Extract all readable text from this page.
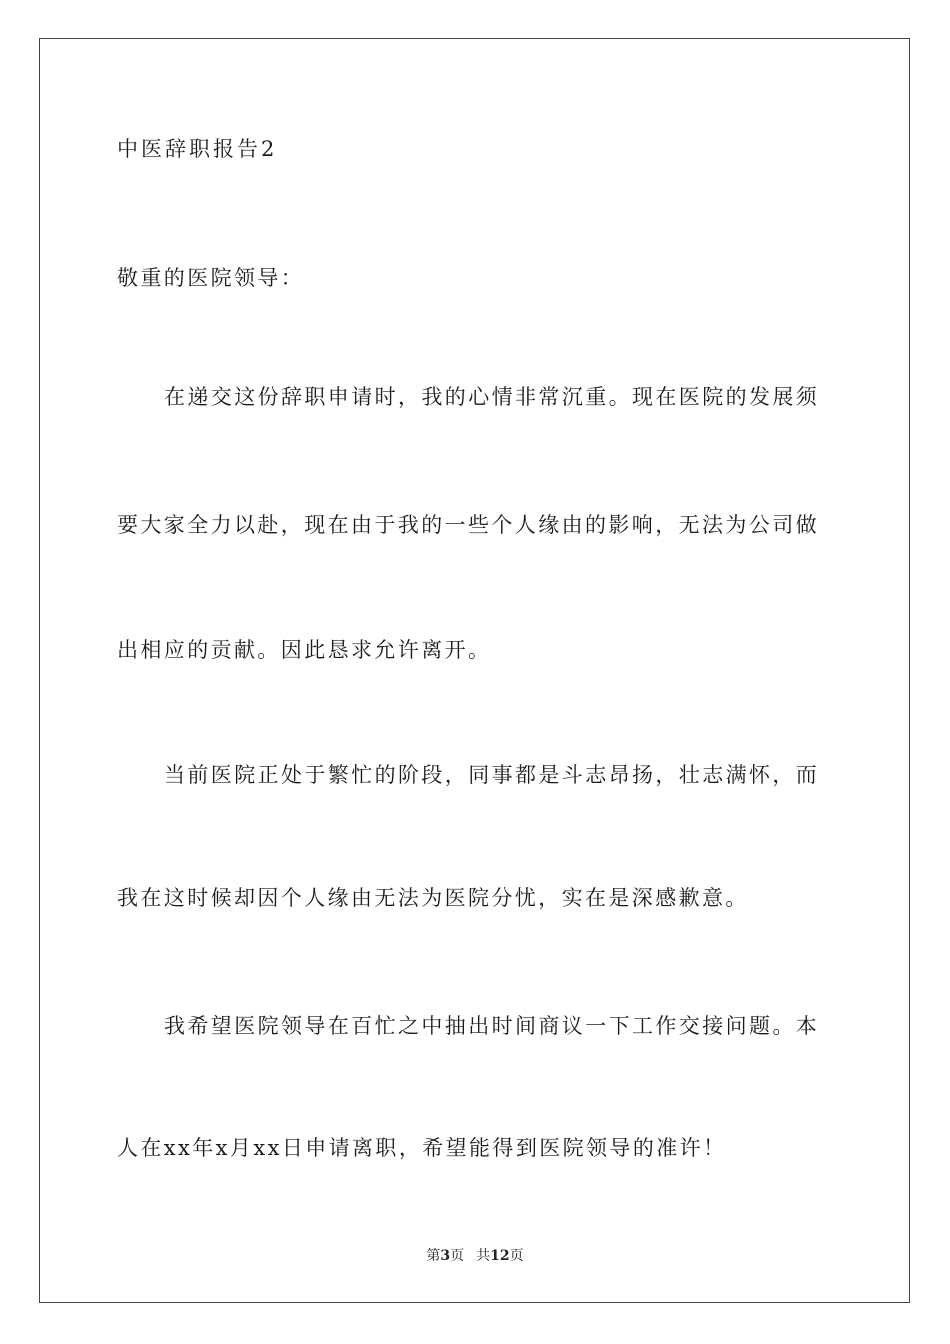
中医辞职报告2
敬重的医院领导：
在递交这份辞职申请时，我的心情非常沉重。现在医院的发展须
要大家全力以赴，现在由于我的一些个人缘由的影响，无法为公司做
出相应的贡献。因此恳求允许离开。
当前医院正处于繁忙的阶段，同事都是斗志昂扬，壮志满怀，而
我在这时候却因个人缘由无法为医院分忧，实在是深感歉意。
我希望医院领导在百忙之中抽出时间商议一下工作交接问题。本
人在xx年x月xx日申请离职，希望能得到医院领导的准许！
第3页 共12页
